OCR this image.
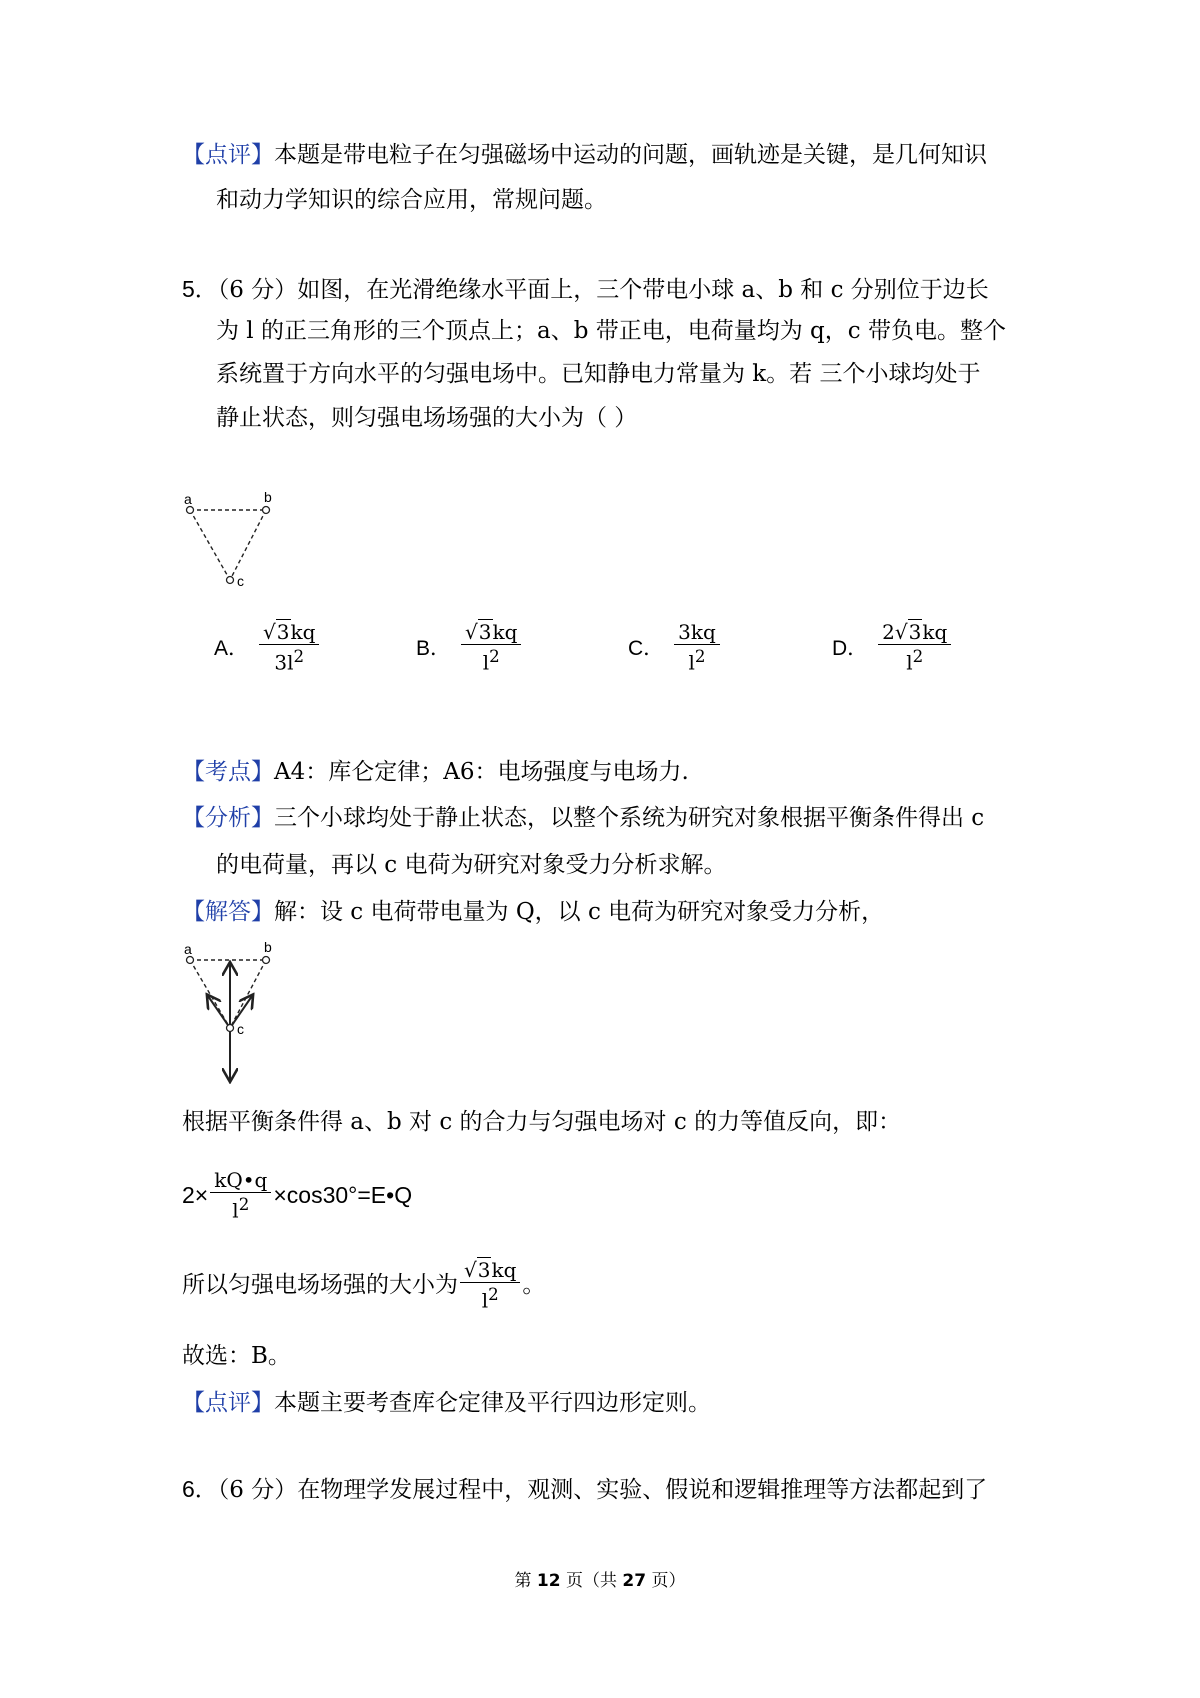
【点评】本题是带电粒子在匀强磁场中运动的问题，画轨迹是关键，是几何知识
和动力学知识的综合应用，常规问题。
5．（6 分）如图，在光滑绝缘水平面上，三个带电小球 a、b 和 c 分别位于边长
为 l 的正三角形的三个顶点上；a、b 带正电，电荷量均为 q，c 带负电。整个
系统置于方向水平的匀强电场中。已知静电力常量为 k。若 三个小球均处于
静止状态，则匀强电场场强的大小为（ ）
a	b
c
A． $\frac{√3kq}{3l^2}$	B． $\frac{√3kq}{l^2}$	C． $\frac{3kq}{l^2}$	D． $\frac{2√3kq}{l^2}$
【考点】A4：库仑定律；A6：电场强度与电场力.
【分析】三个小球均处于静止状态，以整个系统为研究对象根据平衡条件得出 c
的电荷量，再以 c 电荷为研究对象受力分析求解。
【解答】解：设 c 电荷带电量为 Q，以 c 电荷为研究对象受力分析，
a	b
c
根据平衡条件得 a、b 对 c 的合力与匀强电场对 c 的力等值反向，即：
$2\times \frac{kQ•q}{l^2}$ ×cos30°=E•Q
所以匀强电场场强的大小为 $\frac{√3kq}{l^2}$ 。
故选：B。
【点评】本题主要考查库仑定律及平行四边形定则。
6．（6 分）在物理学发展过程中，观测、实验、假说和逻辑推理等方法都起到了
第 12 页（共 27 页）
